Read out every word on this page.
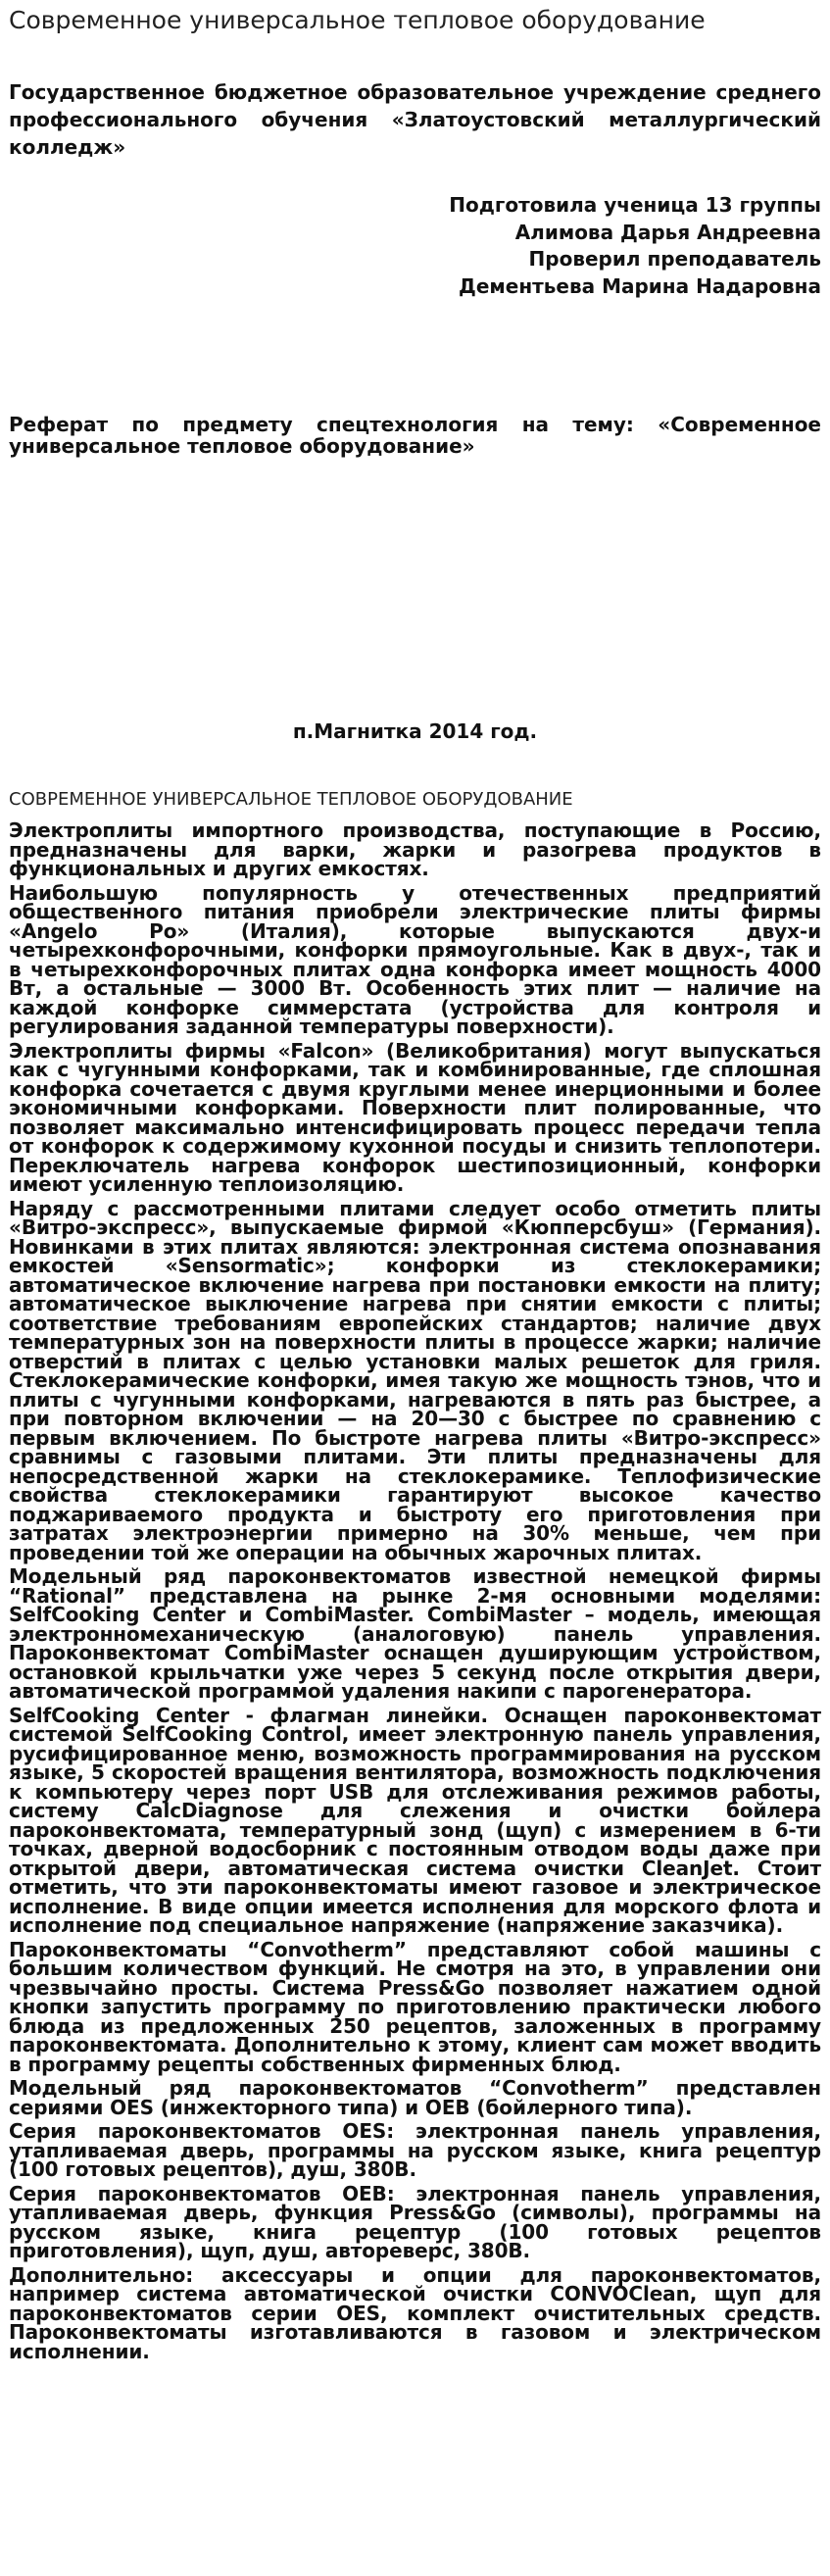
Современное универсальное тепловое оборудование

Государственное бюджетное образовательное учреждение среднего профессионального обучения «Златоустовский металлургический колледж»

Подготовила ученица 13 группы
Алимова Дарья Андреевна
Проверил преподаватель
Дементьева Марина Надаровна

Реферат по предмету спецтехнология на тему: «Современное универсальное тепловое оборудование»

п.Магнитка 2014 год.
СОВРЕМЕННОЕ УНИВЕРСАЛЬНОЕ ТЕПЛОВОЕ ОБОРУДОВАНИЕ

Электроплиты импортного производства, поступающие в Россию, предназначены для варки, жарки и разогрева продуктов в функциональных и других емкостях.

Наибольшую популярность у отечественных предприятий общественного питания приобрели электрические плиты фирмы «Angelo Po» (Италия), которые выпускаются двух-и четырехконфорочными, конфорки прямоугольные. Как в двух-, так и в четырехконфорочных плитах одна конфорка имеет мощность 4000 Вт, а остальные — 3000 Вт. Особенность этих плит — наличие на каждой конфорке симмерстата (устройства для контроля и регулирования заданной температуры поверхности).

Электроплиты фирмы «Falcon» (Великобритания) могут выпускаться как с чугунными конфорками, так и комбинированные, где сплошная конфорка сочетается с двумя круглыми менее инерционными и более экономичными конфорками. Поверхности плит полированные, что позволяет максимально интенсифицировать процесс передачи тепла от конфорок к содержимому кухонной посуды и снизить теплопотери. Переключатель нагрева конфорок шестипозиционный, конфорки имеют усиленную теплоизоляцию.

Наряду с рассмотренными плитами следует особо отметить плиты «Витро-экспресс», выпускаемые фирмой «Кюпперсбуш» (Германия). Новинками в этих плитах являются: электронная система опознавания емкостей «Sensormatic»; конфорки из стеклокерамики; автоматическое включение нагрева при постановки емкости на плиту; автоматическое выключение нагрева при снятии емкости с плиты; соответствие требованиям европейских стандартов; наличие двух температурных зон на поверхности плиты в процессе жарки; наличие отверстий в плитах с целью установки малых решеток для гриля. Стеклокерамические конфорки, имея такую же мощность тэнов, что и плиты с чугунными конфорками, нагреваются в пять раз быстрее, а при повторном включении — на 20—30 с быстрее по сравнению с первым включением. По быстроте нагрева плиты «Витро-экспресс» сравнимы с газовыми плитами. Эти плиты предназначены для непосредственной жарки на стеклокерамике. Теплофизические свойства стеклокерамики гарантируют высокое качество поджариваемого продукта и быстроту его приготовления при затратах электроэнергии примерно на 30% меньше, чем при проведении той же операции на обычных жарочных плитах.

Модельный ряд пароконвектоматов известной немецкой фирмы “Rational” представлена на рынке 2-мя основными моделями: SelfCooking Center и CombiMaster. CombiMaster – модель, имеющая электронномеханическую (аналоговую) панель управления. Пароконвектомат CombiMaster оснащен душирующим устройством, остановкой крыльчатки уже через 5 секунд после открытия двери, автоматической программой удаления накипи с парогенератора.

SelfCooking Center - флагман линейки. Оснащен пароконвектомат системой SelfCooking Control, имеет электронную панель управления, русифицированное меню, возможность программирования на русском языке, 5 скоростей вращения вентилятора, возможность подключения к компьютеру через порт USB для отслеживания режимов работы, систему CalcDiagnose для слежения и очистки бойлера пароконвектомата, температурный зонд (щуп) с измерением в 6-ти точках, дверной водосборник с постоянным отводом воды даже при открытой двери, автоматическая система очистки CleanJet. Стоит отметить, что эти пароконвектоматы имеют газовое и электрическое исполнение. В виде опции имеется исполнения для морского флота и исполнение под специальное напряжение (напряжение заказчика).

Пароконвектоматы “Convotherm” представляют собой машины с большим количеством функций. Не смотря на это, в управлении они чрезвычайно просты. Система Press&Go позволяет нажатием одной кнопки запустить программу по приготовлению практически любого блюда из предложенных 250 рецептов, заложенных в программу пароконвектомата. Дополнительно к этому, клиент сам может вводить в программу рецепты собственных фирменных блюд.

Модельный ряд пароконвектоматов “Convotherm” представлен сериями OES (инжекторного типа) и OEB (бойлерного типа).

Серия пароконвектоматов OES: электронная панель управления, утапливаемая дверь, программы на русском языке, книга рецептур (100 готовых рецептов), душ, 380В.

Серия пароконвектоматов OEB: электронная панель управления, утапливаемая дверь, функция Press&Go (символы), программы на русском языке, книга рецептур (100 готовых рецептов приготовления), щуп, душ, автореверс, 380В.

Дополнительно: аксессуары и опции для пароконвектоматов, например система автоматической очистки CONVOClean, щуп для пароконвектоматов серии OES, комплект очистительных средств. Пароконвектоматы изготавливаются в газовом и электрическом исполнении.
